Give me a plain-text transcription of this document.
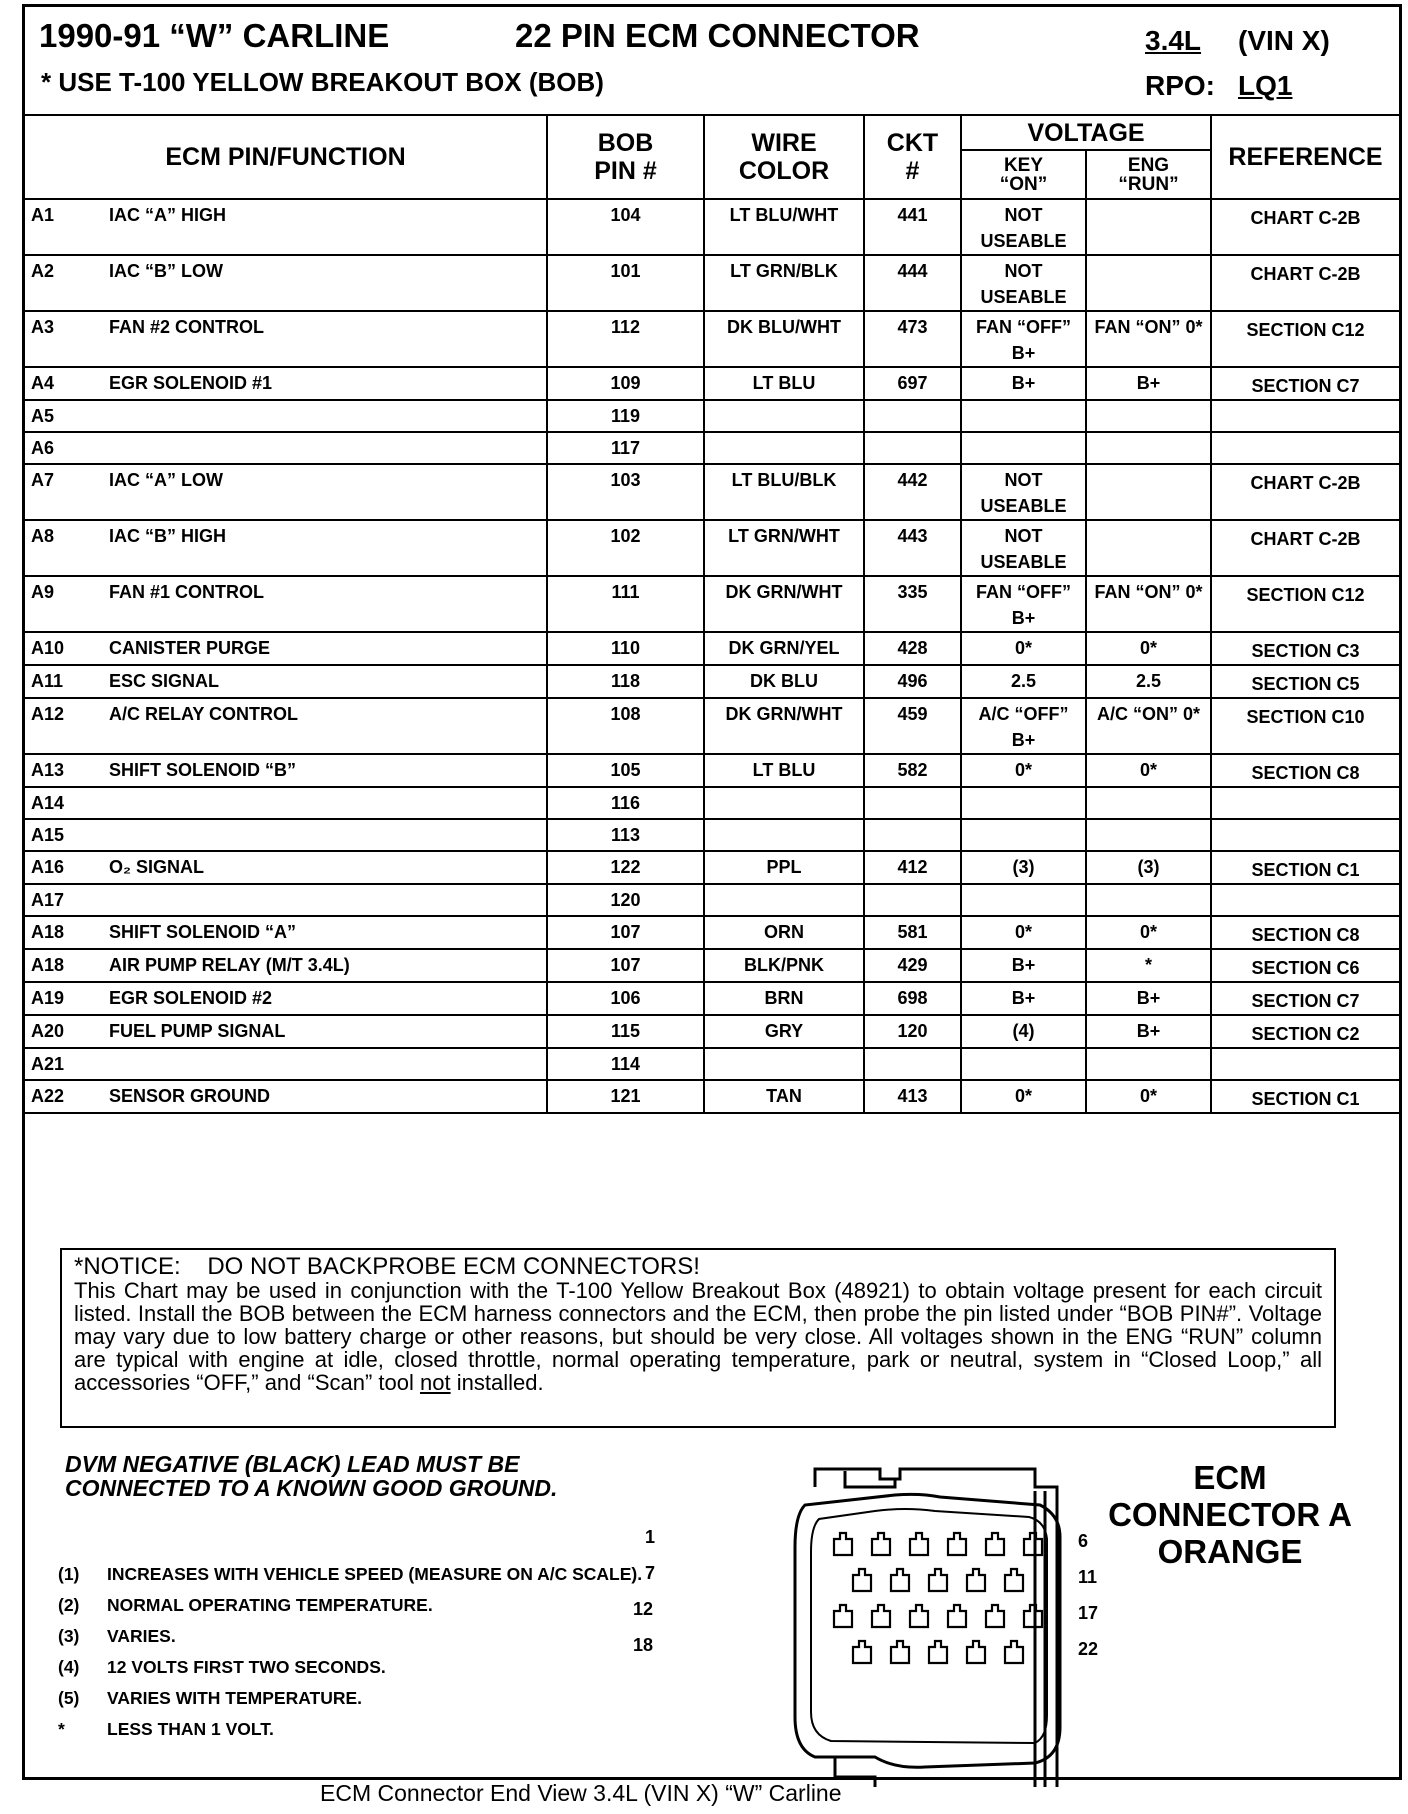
1990-91 “W” CARLINE	22 PIN ECM CONNECTOR	3.4L (VIN X)
* USE T-100 YELLOW BREAKOUT BOX (BOB)	RPO: LQ1
ECM PIN/FUNCTION	BOB PIN #	WIRE COLOR	CKT #	VOLTAGE		REFERENCE

				KEY “ON”	ENG “RUN”	

A1 IAC “A” HIGH	104	LT BLU/WHT	441	NOT USEABLE		CHART C-2B

A2 IAC “B” LOW	101	LT GRN/BLK	444	NOT USEABLE		CHART C-2B

A3 FAN #2 CONTROL	112	DK BLU/WHT	473	FAN “OFF” B+	FAN “ON” 0*	SECTION C12

A4 EGR SOLENOID #1	109	LT BLU	697	B+	B+	SECTION C7

A5	119					

A6	117					

A7 IAC “A” LOW	103	LT BLU/BLK	442	NOT USEABLE		CHART C-2B

A8 IAC “B” HIGH	102	LT GRN/WHT	443	NOT USEABLE		CHART C-2B

A9 FAN #1 CONTROL	111	DK GRN/WHT	335	FAN “OFF” B+	FAN “ON” 0*	SECTION C12

A10 CANISTER PURGE	110	DK GRN/YEL	428	0*	0*	SECTION C3

A11 ESC SIGNAL	118	DK BLU	496	2.5	2.5	SECTION C5

A12 A/C RELAY CONTROL	108	DK GRN/WHT	459	A/C “OFF” B+	A/C “ON” 0*	SECTION C10

A13 SHIFT SOLENOID “B”	105	LT BLU	582	0*	0*	SECTION C8

A14	116					

A15	113					

A16 O₂ SIGNAL	122	PPL	412	(3)	(3)	SECTION C1

A17	120					

A18 SHIFT SOLENOID “A”	107	ORN	581	0*	0*	SECTION C8

A18 AIR PUMP RELAY (M/T 3.4L)	107	BLK/PNK	429	B+	*	SECTION C6

A19 EGR SOLENOID #2	106	BRN	698	B+	B+	SECTION C7

A20 FUEL PUMP SIGNAL	115	GRY	120	(4)	B+	SECTION C2

A21	114					

A22 SENSOR GROUND	121	TAN	413	0*	0*	SECTION C1
*NOTICE:    DO NOT BACKPROBE ECM CONNECTORS!
This Chart may be used in conjunction with the T-100 Yellow Breakout Box (48921) to obtain voltage present for each circuit listed. Install the BOB between the ECM harness connectors and the ECM, then probe the pin listed under “BOB PIN#”. Voltage may vary due to low battery charge or other reasons, but should be very close. All voltages shown in the ENG “RUN” column are typical with engine at idle, closed throttle, normal operating temperature, park or neutral, system in “Closed Loop,” all accessories “OFF,” and “Scan” tool not installed.
DVM NEGATIVE (BLACK) LEAD MUST BE
CONNECTED TO A KNOWN GOOD GROUND.
(1) INCREASES WITH VEHICLE SPEED (MEASURE ON A/C SCALE).
(2) NORMAL OPERATING TEMPERATURE.
(3) VARIES.
(4) 12 VOLTS FIRST TWO SECONDS.
(5) VARIES WITH TEMPERATURE.
* LESS THAN 1 VOLT.
1
7
12
18
6
11
17
22
ECM
CONNECTOR A
ORANGE
ECM Connector End View 3.4L (VIN X) “W” Carline
